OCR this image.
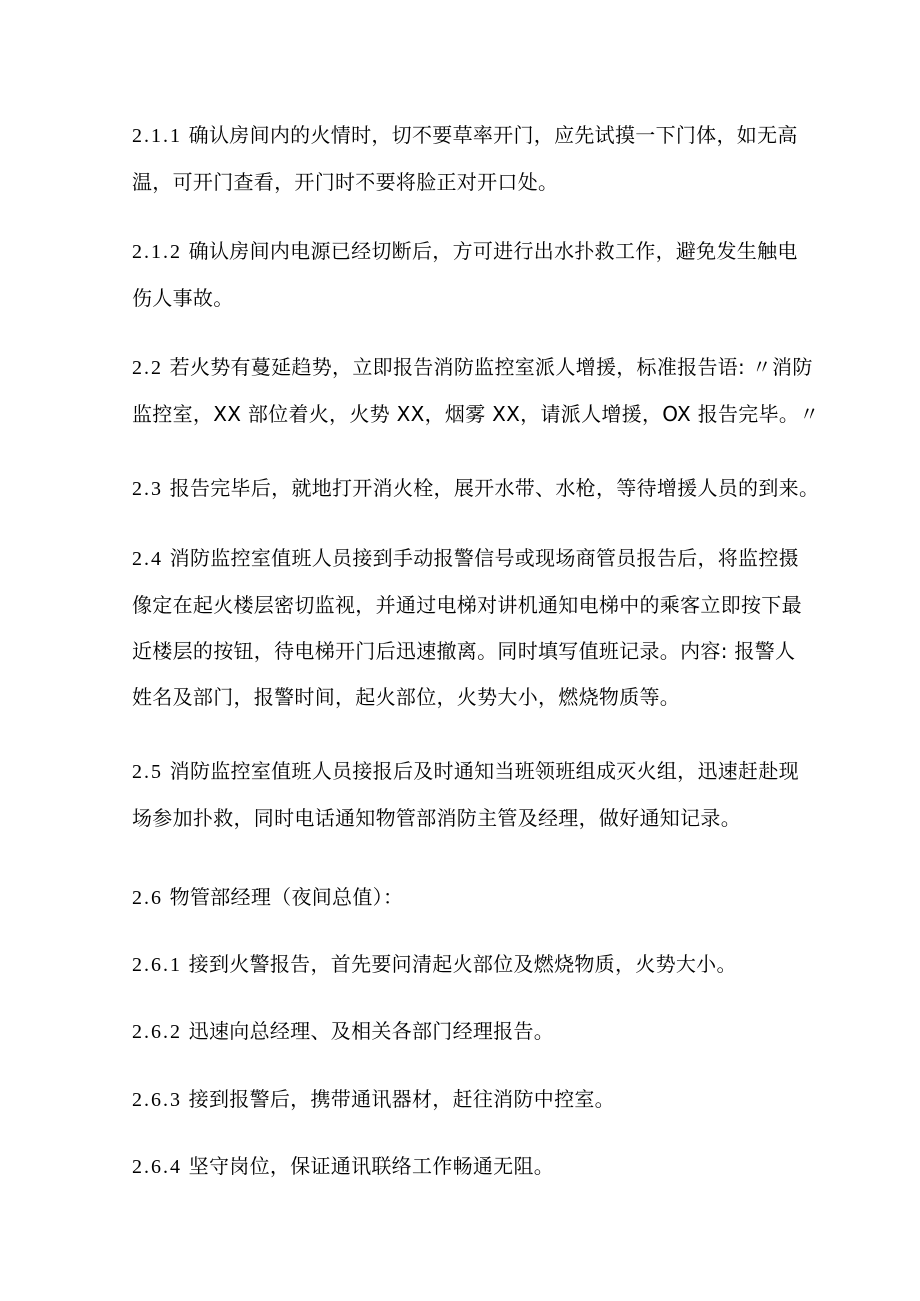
2.1.1 确认房间内的火情时，切不要草率开门，应先试摸一下门体，如无高
温，可开门查看，开门时不要将脸正对开口处。

2.1.2 确认房间内电源已经切断后，方可进行出水扑救工作，避免发生触电
伤人事故。

2.2 若火势有蔓延趋势，立即报告消防监控室派人增援，标准报告语: 〃消防
监控室，XX 部位着火，火势 XX，烟雾 XX，请派人增援，OX 报告完毕。〃

2.3 报告完毕后，就地打开消火栓，展开水带、水枪，等待增援人员的到来。

2.4 消防监控室值班人员接到手动报警信号或现场商管员报告后，将监控摄
像定在起火楼层密切监视，并通过电梯对讲机通知电梯中的乘客立即按下最
近楼层的按钮，待电梯开门后迅速撤离。同时填写值班记录。内容: 报警人
姓名及部门，报警时间，起火部位，火势大小，燃烧物质等。

2.5 消防监控室值班人员接报后及时通知当班领班组成灭火组，迅速赶赴现
场参加扑救，同时电话通知物管部消防主管及经理，做好通知记录。

2.6 物管部经理（夜间总值）：

2.6.1 接到火警报告，首先要问清起火部位及燃烧物质，火势大小。

2.6.2 迅速向总经理、及相关各部门经理报告。

2.6.3 接到报警后，携带通讯器材，赶往消防中控室。

2.6.4 坚守岗位，保证通讯联络工作畅通无阻。
